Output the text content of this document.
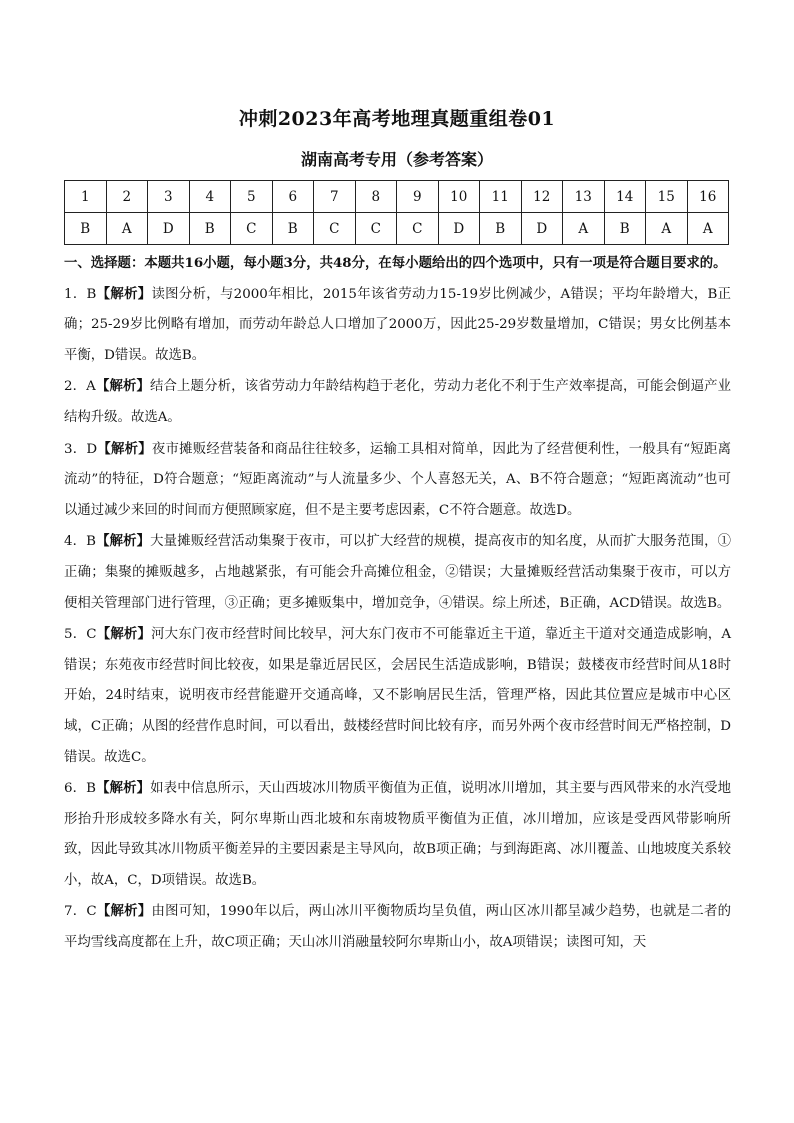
冲刺2023年高考地理真题重组卷01
湖南高考专用（参考答案）
1	2	3	4	5	6	7	8	9	10	11	12	13	14	15	16
B	A	D	B	C	B	C	C	C	D	B	D	A	B	A	A

一、选择题：本题共16小题，每小题3分，共48分，在每小题给出的四个选项中，只有一项是符合题目要求的。

1．B【解析】读图分析，与2000年相比，2015年该省劳动力15-19岁比例减少，A错误；平均年龄增大，B正确；25-29岁比例略有增加，而劳动年龄总人口增加了2000万，因此25-29岁数量增加，C错误；男女比例基本平衡，D错误。故选B。

2．A【解析】结合上题分析，该省劳动力年龄结构趋于老化，劳动力老化不利于生产效率提高，可能会倒逼产业结构升级。故选A。

3．D【解析】夜市摊贩经营装备和商品往往较多，运输工具相对简单，因此为了经营便利性，一般具有“短距离流动”的特征，D符合题意；“短距离流动”与人流量多少、个人喜怒无关，A、B不符合题意；“短距离流动”也可以通过减少来回的时间而方便照顾家庭，但不是主要考虑因素，C不符合题意。故选D。

4．B【解析】大量摊贩经营活动集聚于夜市，可以扩大经营的规模，提高夜市的知名度，从而扩大服务范围，①正确；集聚的摊贩越多，占地越紧张，有可能会升高摊位租金，②错误；大量摊贩经营活动集聚于夜市，可以方便相关管理部门进行管理，③正确；更多摊贩集中，增加竞争，④错误。综上所述，B正确，ACD错误。故选B。

5．C【解析】河大东门夜市经营时间比较早，河大东门夜市不可能靠近主干道，靠近主干道对交通造成影响，A错误；东苑夜市经营时间比较夜，如果是靠近居民区，会居民生活造成影响，B错误；鼓楼夜市经营时间从18时开始，24时结束，说明夜市经营能避开交通高峰，又不影响居民生活，管理严格，因此其位置应是城市中心区域，C正确；从图的经营作息时间，可以看出，鼓楼经营时间比较有序，而另外两个夜市经营时间无严格控制，D错误。故选C。

6．B【解析】如表中信息所示，天山西坡冰川物质平衡值为正值，说明冰川增加，其主要与西风带来的水汽受地形抬升形成较多降水有关，阿尔卑斯山西北坡和东南坡物质平衡值为正值，冰川增加，应该是受西风带影响所致，因此导致其冰川物质平衡差异的主要因素是主导风向，故B项正确；与到海距离、冰川覆盖、山地坡度关系较小，故A，C，D项错误。故选B。

7．C【解析】由图可知，1990年以后，两山冰川平衡物质均呈负值，两山区冰川都呈减少趋势，也就是二者的平均雪线高度都在上升，故C项正确；天山冰川消融量较阿尔卑斯山小，故A项错误；读图可知，天
